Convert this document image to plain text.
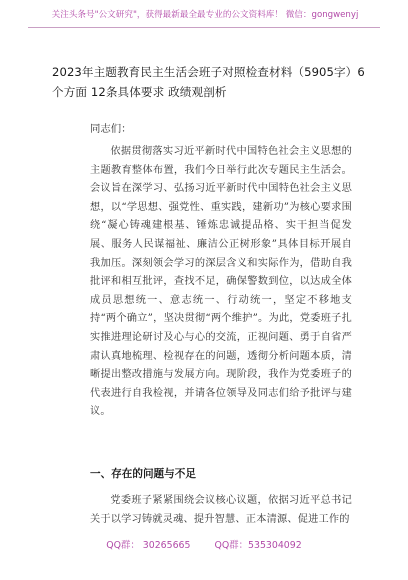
关注头条号"公文研究"，获得最新最全最专业的公文资料库！ 微信：gongwenyj
2023年主题教育民主生活会班子对照检查材料（5905字）6个方面 12条具体要求 政绩观剖析
同志们：
依据贯彻落实习近平新时代中国特色社会主义思想的主题教育整体布置，我们今日举行此次专题民主生活会。会议旨在深学习、弘扬习近平新时代中国特色社会主义思想，以“学思想、强党性、重实践，建新功”为核心要求围绕“凝心铸魂建根基、锤炼忠诚提品格、实干担当促发展、服务人民谋福祉、廉洁公正树形象”具体目标开展自我加压。深刻领会学习的深层含义和实际作为，借助自我批评和相互批评，查找不足，确保警数到位，以达成全体成员思想统一、意志统一、行动统一，坚定不移地支持“两个确立”，坚决贯彻“两个维护”。为此，党委班子扎实推进理论研讨及心与心的交流，正视问题、勇于自省严肃认真地梳理、检视存在的问题，透彻分析问题本质，清晰提出整改措施与发展方向。现阶段，我作为党委班子的代表进行自我检视，并请各位领导及同志们给予批评与建议。
一、存在的问题与不足
党委班子紧紧围绕会议核心议题，依据习近平总书记关于以学习铸就灵魂、提升智慧、正本清源、促进工作的
QQ群： 30265665	QQ群：535304092
